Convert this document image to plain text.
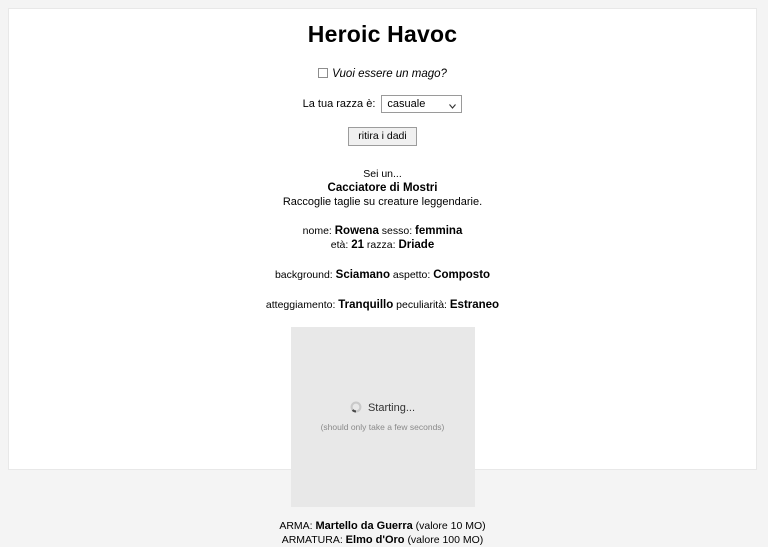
Heroic Havoc
Vuoi essere un mago?
La tua razza è: casuale
ritira i dadi
Sei un...
Cacciatore di Mostri
Raccoglie taglie su creature leggendarie.
nome: Rowena sesso: femmina
età: 21 razza: Driade
background: Sciamano aspetto: Composto
atteggiamento: Tranquillo peculiarità: Estraneo
Starting...
(should only take a few seconds)
ARMA: Martello da Guerra (valore 10 MO)
ARMATURA: Elmo d'Oro (valore 100 MO)
